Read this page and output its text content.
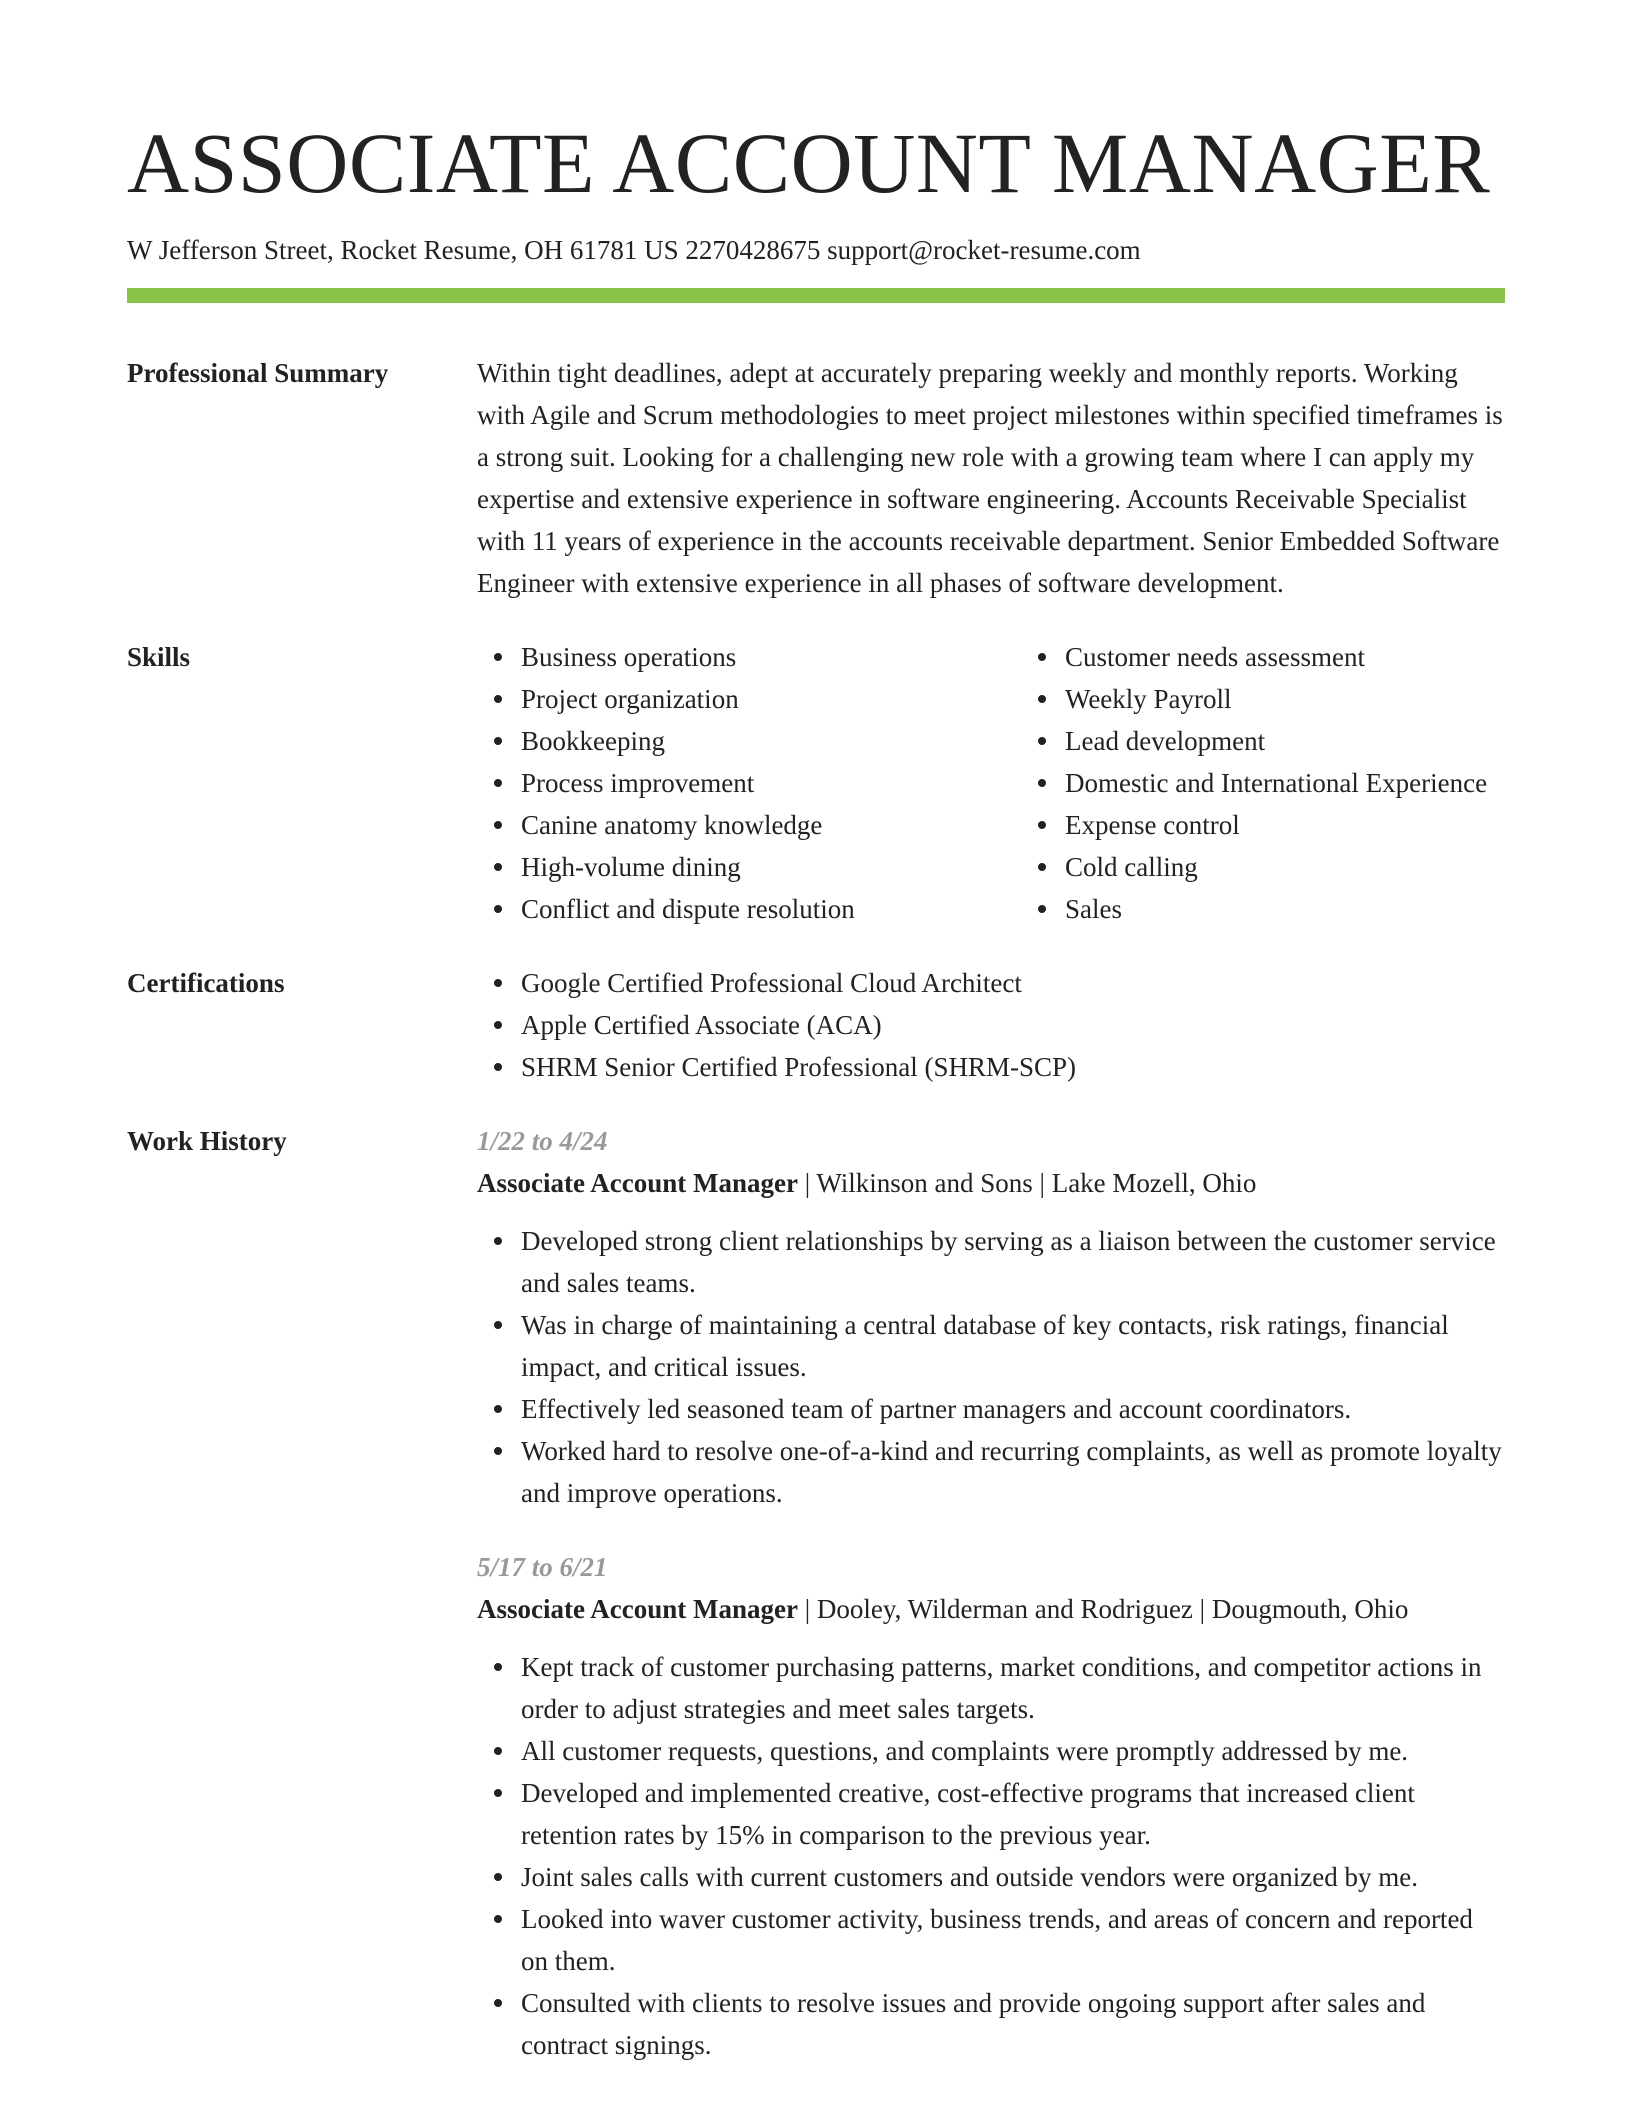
ASSOCIATE ACCOUNT MANAGER
W Jefferson Street, Rocket Resume, OH 61781 US 2270428675 support@rocket-resume.com
Professional Summary	Within tight deadlines, adept at accurately preparing weekly and monthly reports. Working with Agile and Scrum methodologies to meet project milestones within specified timeframes is a strong suit. Looking for a challenging new role with a growing team where I can apply my expertise and extensive experience in software engineering. Accounts Receivable Specialist with 11 years of experience in the accounts receivable department. Senior Embedded Software Engineer with extensive experience in all phases of software development.
Skills	Business operations
Project organization
Bookkeeping
Process improvement
Canine anatomy knowledge
High-volume dining
Conflict and dispute resolution
Customer needs assessment
Weekly Payroll
Lead development
Domestic and International Experience
Expense control
Cold calling
Sales
Certifications	Google Certified Professional Cloud Architect
Apple Certified Associate (ACA)
SHRM Senior Certified Professional (SHRM-SCP)
Work History	1/22 to 4/24
Associate Account Manager | Wilkinson and Sons | Lake Mozell, Ohio
Developed strong client relationships by serving as a liaison between the customer service and sales teams.
Was in charge of maintaining a central database of key contacts, risk ratings, financial impact, and critical issues.
Effectively led seasoned team of partner managers and account coordinators.
Worked hard to resolve one-of-a-kind and recurring complaints, as well as promote loyalty and improve operations.
5/17 to 6/21
Associate Account Manager | Dooley, Wilderman and Rodriguez | Dougmouth, Ohio
Kept track of customer purchasing patterns, market conditions, and competitor actions in order to adjust strategies and meet sales targets.
All customer requests, questions, and complaints were promptly addressed by me.
Developed and implemented creative, cost-effective programs that increased client retention rates by 15% in comparison to the previous year.
Joint sales calls with current customers and outside vendors were organized by me.
Looked into waver customer activity, business trends, and areas of concern and reported on them.
Consulted with clients to resolve issues and provide ongoing support after sales and contract signings.
